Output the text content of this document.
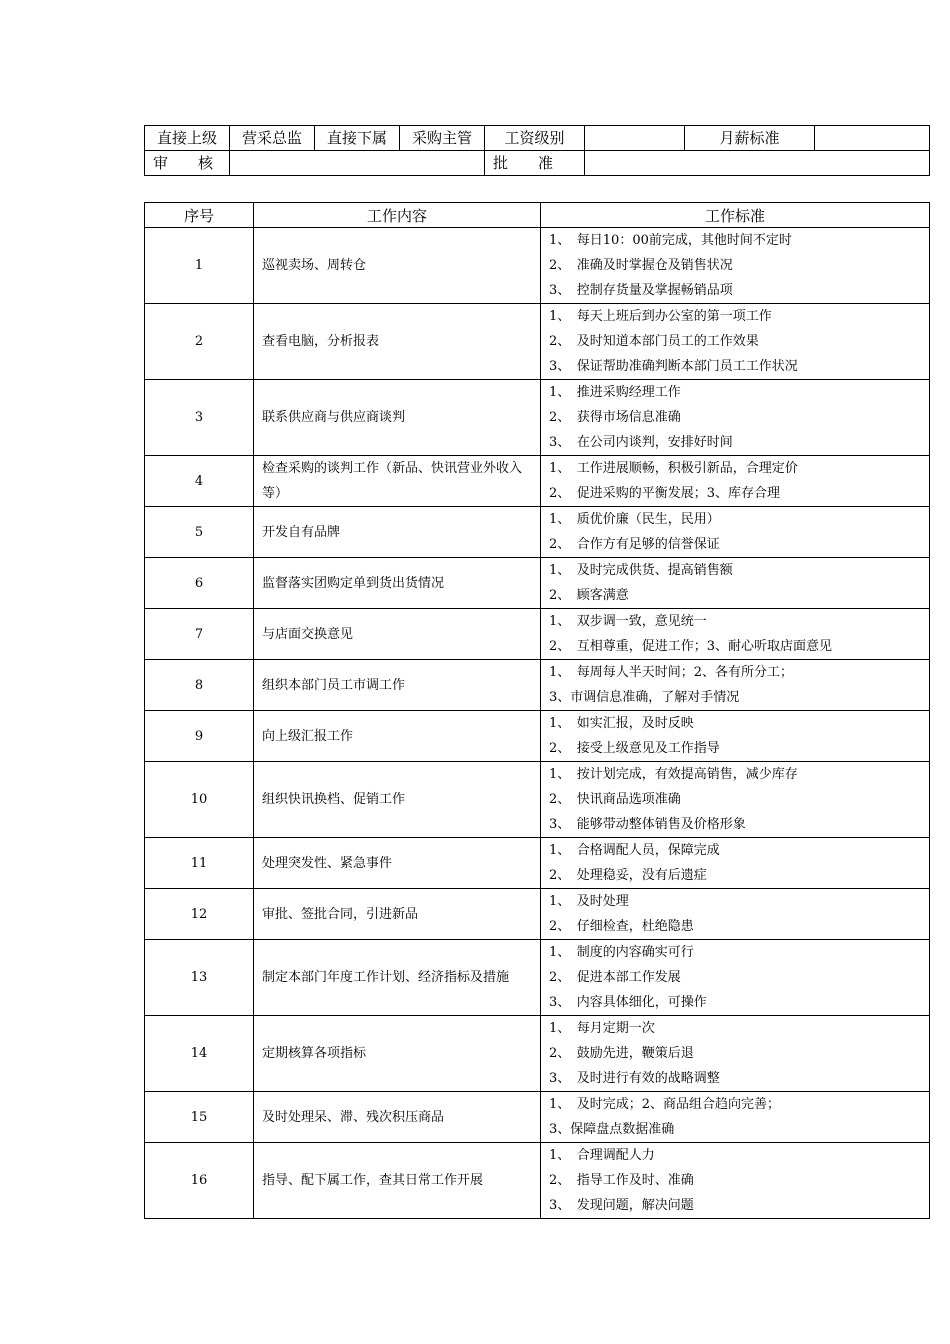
直接上级	营采总监	直接下属	采购主管	工资级别		月薪标准	
审　　核				批　　准			
序号	工作内容	工作标准
1	巡视卖场、周转仓	1、　每日10：00前完成，其他时间不定时
2、　准确及时掌握仓及销售状况
3、　控制存货量及掌握畅销品项

2	查看电脑，分析报表	1、　每天上班后到办公室的第一项工作
2、　及时知道本部门员工的工作效果
3、　保证帮助准确判断本部门员工工作状况

3	联系供应商与供应商谈判	1、　推进采购经理工作
2、　获得市场信息准确
3、　在公司内谈判，安排好时间

4	检查采购的谈判工作（新品、快讯营业外收入等）	1、　工作进展顺畅，积极引新品，合理定价
2、　促进采购的平衡发展；3、库存合理

5	开发自有品牌	1、　质优价廉（民生，民用）
2、　合作方有足够的信誉保证

6	监督落实团购定单到货出货情况	1、　及时完成供货、提高销售额
2、　顾客满意

7	与店面交换意见	1、　双步调一致，意见统一
2、　互相尊重，促进工作；3、耐心听取店面意见

8	组织本部门员工市调工作	1、　每周每人半天时间；2、各有所分工；
3、市调信息准确，了解对手情况

9	向上级汇报工作	1、　如实汇报，及时反映
2、　接受上级意见及工作指导

10	组织快讯换档、促销工作	1、　按计划完成，有效提高销售，减少库存
2、　快讯商品选项准确
3、　能够带动整体销售及价格形象

11	处理突发性、紧急事件	1、　合格调配人员，保障完成
2、　处理稳妥，没有后遗症

12	审批、签批合同，引进新品	1、　及时处理
2、　仔细检查，杜绝隐患

13	制定本部门年度工作计划、经济指标及措施	1、　制度的内容确实可行
2、　促进本部工作发展
3、　内容具体细化，可操作

14	定期核算各项指标	1、　每月定期一次
2、　鼓励先进，鞭策后退
3、　及时进行有效的战略调整

15	及时处理呆、滞、残次积压商品	1、　及时完成；2、商品组合趋向完善；
3、保障盘点数据准确

16	指导、配下属工作，查其日常工作开展	1、　合理调配人力
2、　指导工作及时、准确
3、　发现问题，解决问题
